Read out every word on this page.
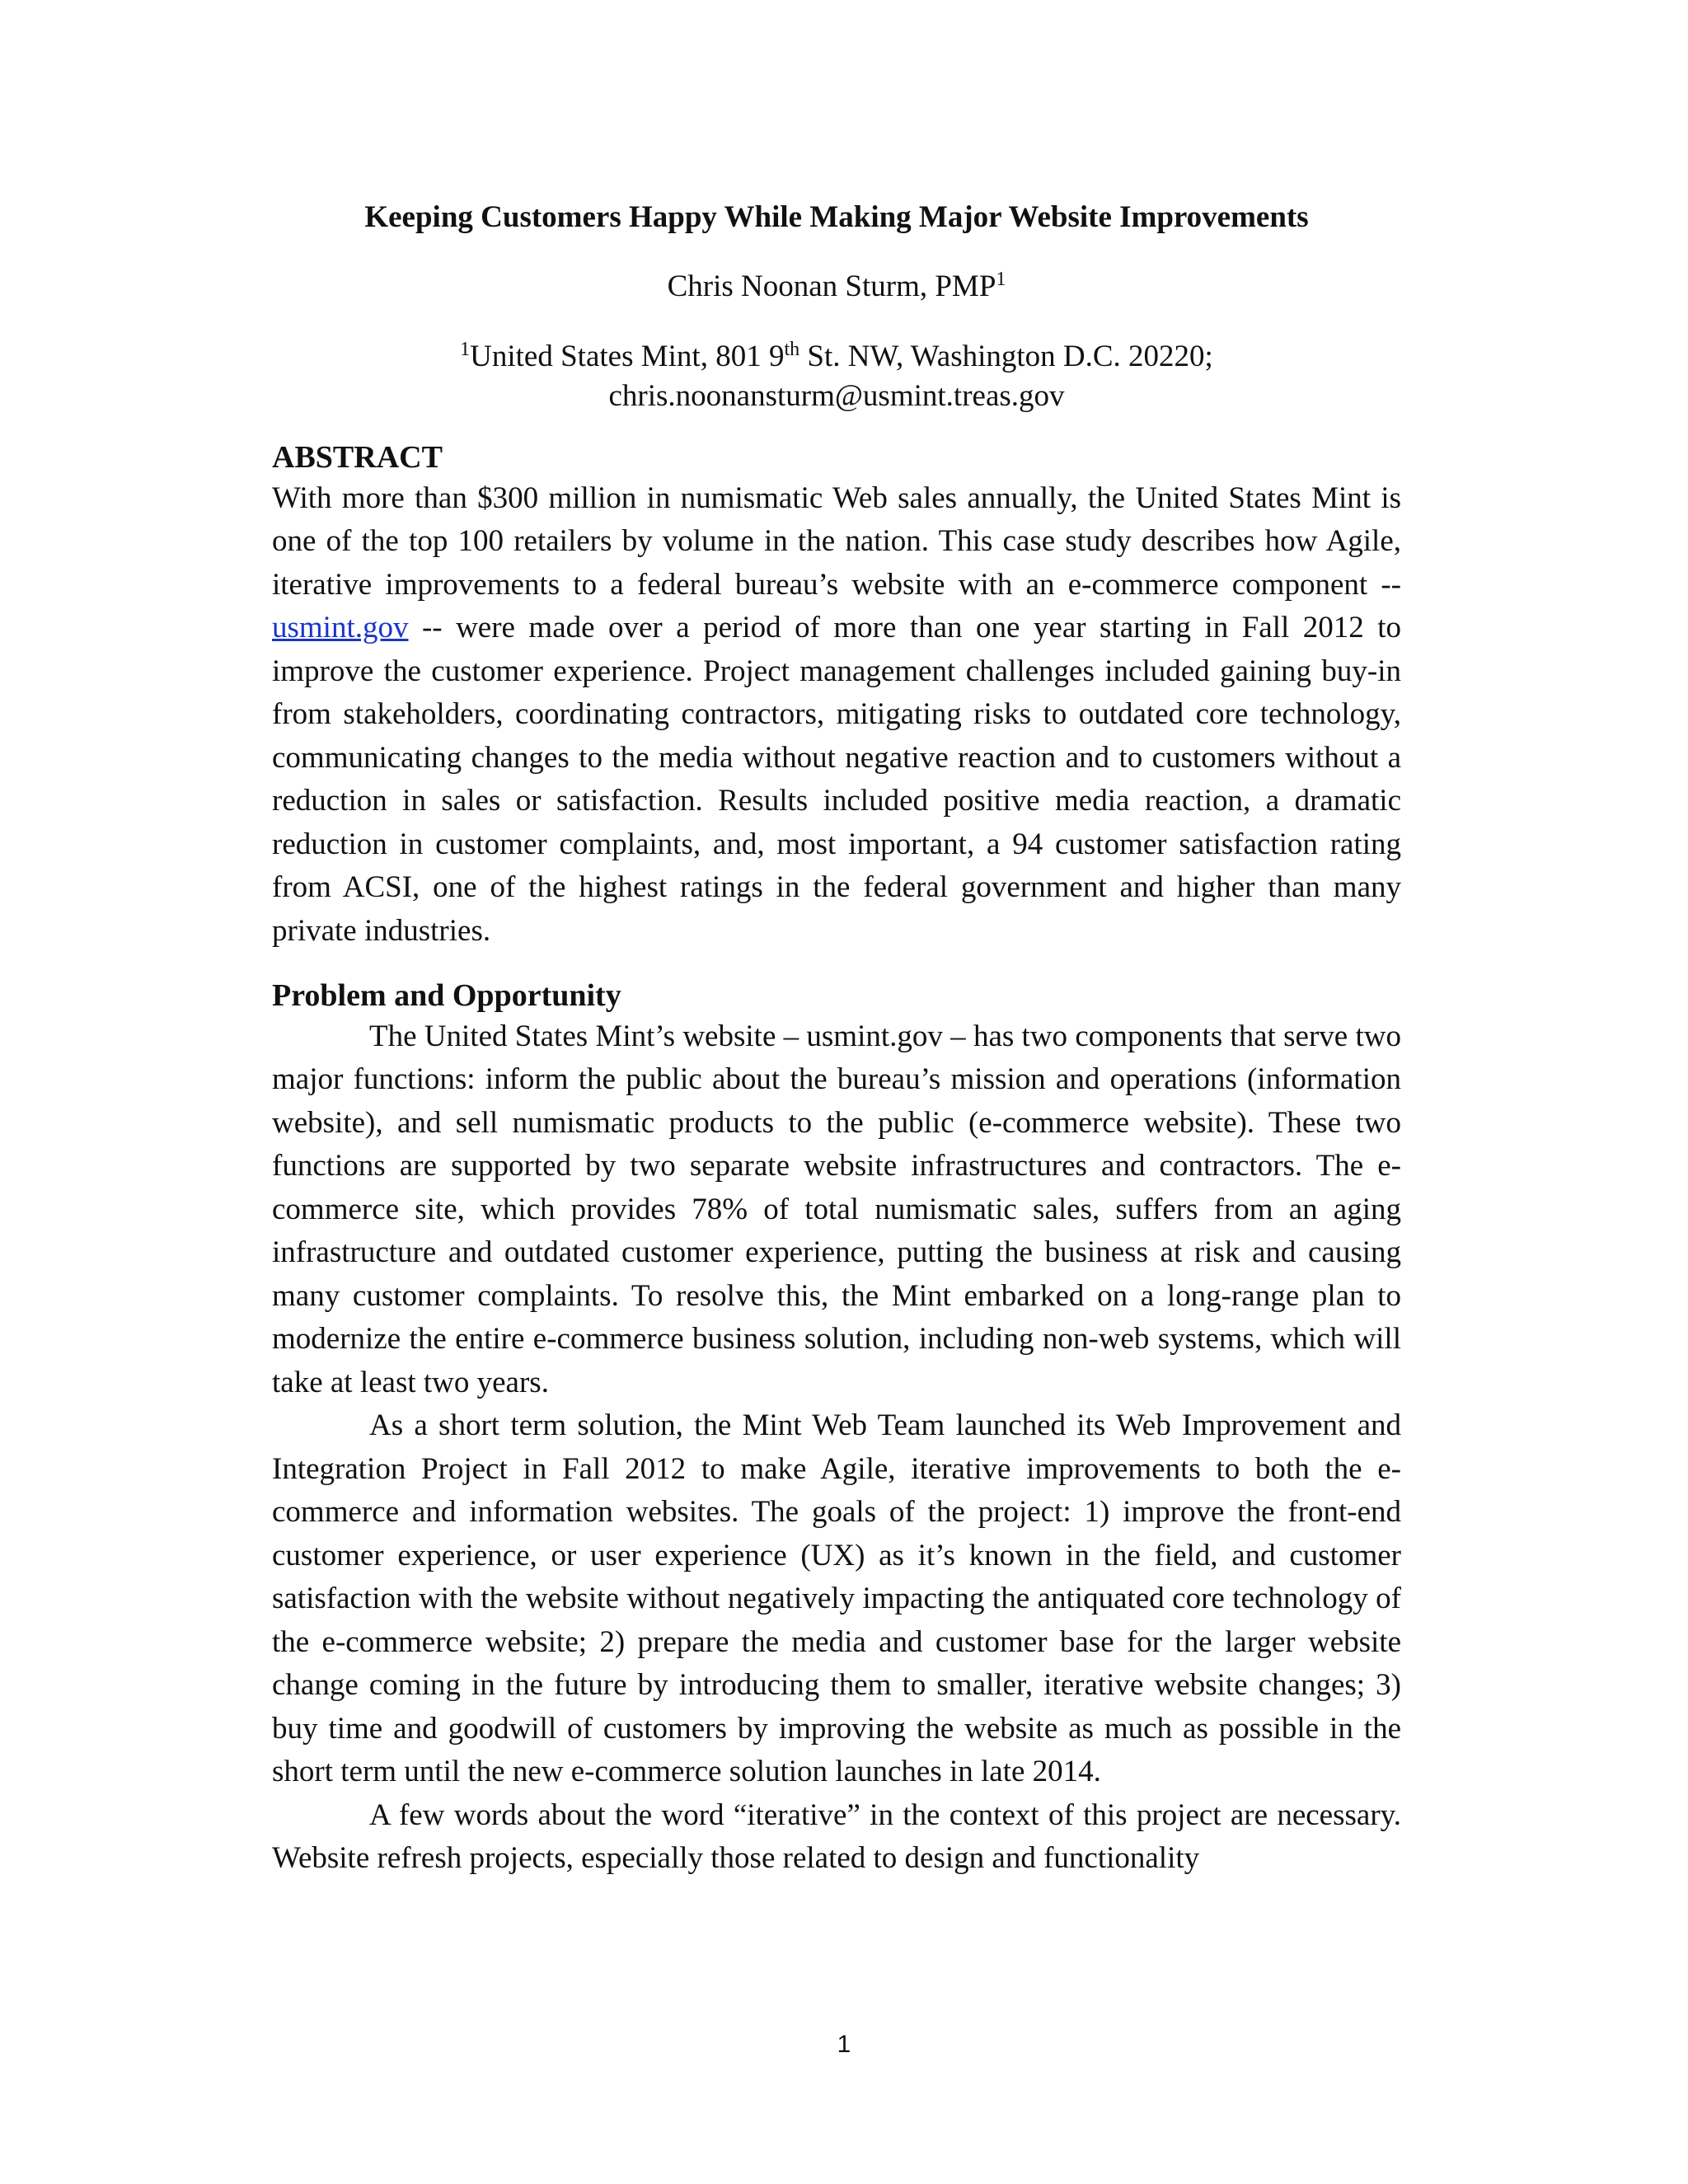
Keeping Customers Happy While Making Major Website Improvements
Chris Noonan Sturm, PMP$^1$
$^1$United States Mint, 801 9th St. NW, Washington D.C. 20220;
chris.noonansturm@usmint.treas.gov
ABSTRACT

With more than $300 million in numismatic Web sales annually, the United States Mint is one of the top 100 retailers by volume in the nation. This case study describes how Agile, iterative improvements to a federal bureau’s website with an e-commerce component -- usmint.gov -- were made over a period of more than one year starting in Fall 2012 to improve the customer experience. Project management challenges included gaining buy-in from stakeholders, coordinating contractors, mitigating risks to outdated core technology, communicating changes to the media without negative reaction and to customers without a reduction in sales or satisfaction. Results included positive media reaction, a dramatic reduction in customer complaints, and, most important, a 94 customer satisfaction rating from ACSI, one of the highest ratings in the federal government and higher than many private industries.

Problem and Opportunity

The United States Mint’s website – usmint.gov – has two components that serve two major functions: inform the public about the bureau’s mission and operations (information website), and sell numismatic products to the public (e-commerce website). These two functions are supported by two separate website infrastructures and contractors. The e-commerce site, which provides 78% of total numismatic sales, suffers from an aging infrastructure and outdated customer experience, putting the business at risk and causing many customer complaints. To resolve this, the Mint embarked on a long-range plan to modernize the entire e-commerce business solution, including non-web systems, which will take at least two years.

As a short term solution, the Mint Web Team launched its Web Improvement and Integration Project in Fall 2012 to make Agile, iterative improvements to both the e-commerce and information websites. The goals of the project: 1) improve the front-end customer experience, or user experience (UX) as it’s known in the field, and customer satisfaction with the website without negatively impacting the antiquated core technology of the e-commerce website; 2) prepare the media and customer base for the larger website change coming in the future by introducing them to smaller, iterative website changes; 3) buy time and goodwill of customers by improving the website as much as possible in the short term until the new e-commerce solution launches in late 2014.

A few words about the word “iterative” in the context of this project are necessary. Website refresh projects, especially those related to design and functionality

1
